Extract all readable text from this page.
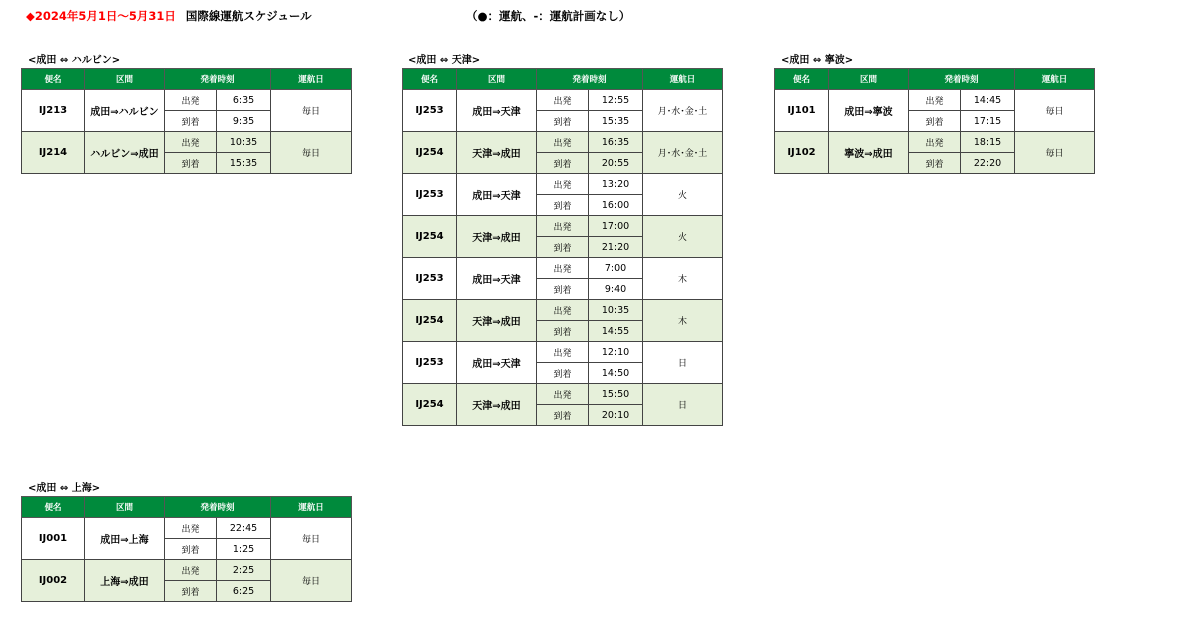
◆2024年5月1日～5月31日 国際線運航スケジュール	（●：運航、-：運航計画なし）
<成田 ⇔ ハルビン>
便名	区間	発着時刻		運航日
IJ213	成田⇒ハルビン	出発	6:35	毎日
		到着	9:35	
IJ214	ハルビン⇒成田	出発	10:35	毎日
		到着	15:35	
<成田 ⇔ 天津>
便名	区間	発着時刻		運航日
IJ253	成田⇒天津	出発	12:55	月･水･金･土
		到着	15:35	
IJ254	天津⇒成田	出発	16:35	月･水･金･土
		到着	20:55	
IJ253	成田⇒天津	出発	13:20	火
		到着	16:00	
IJ254	天津⇒成田	出発	17:00	火
		到着	21:20	
IJ253	成田⇒天津	出発	7:00	木
		到着	9:40	
IJ254	天津⇒成田	出発	10:35	木
		到着	14:55	
IJ253	成田⇒天津	出発	12:10	日
		到着	14:50	
IJ254	天津⇒成田	出発	15:50	日
		到着	20:10	
<成田 ⇔ 寧波>
便名	区間	発着時刻		運航日
IJ101	成田⇒寧波	出発	14:45	毎日
		到着	17:15	
IJ102	寧波⇒成田	出発	18:15	毎日
		到着	22:20	
<成田 ⇔ 上海>
便名	区間	発着時刻		運航日
IJ001	成田⇒上海	出発	22:45	毎日
		到着	1:25	
IJ002	上海⇒成田	出発	2:25	毎日
		到着	6:25	
